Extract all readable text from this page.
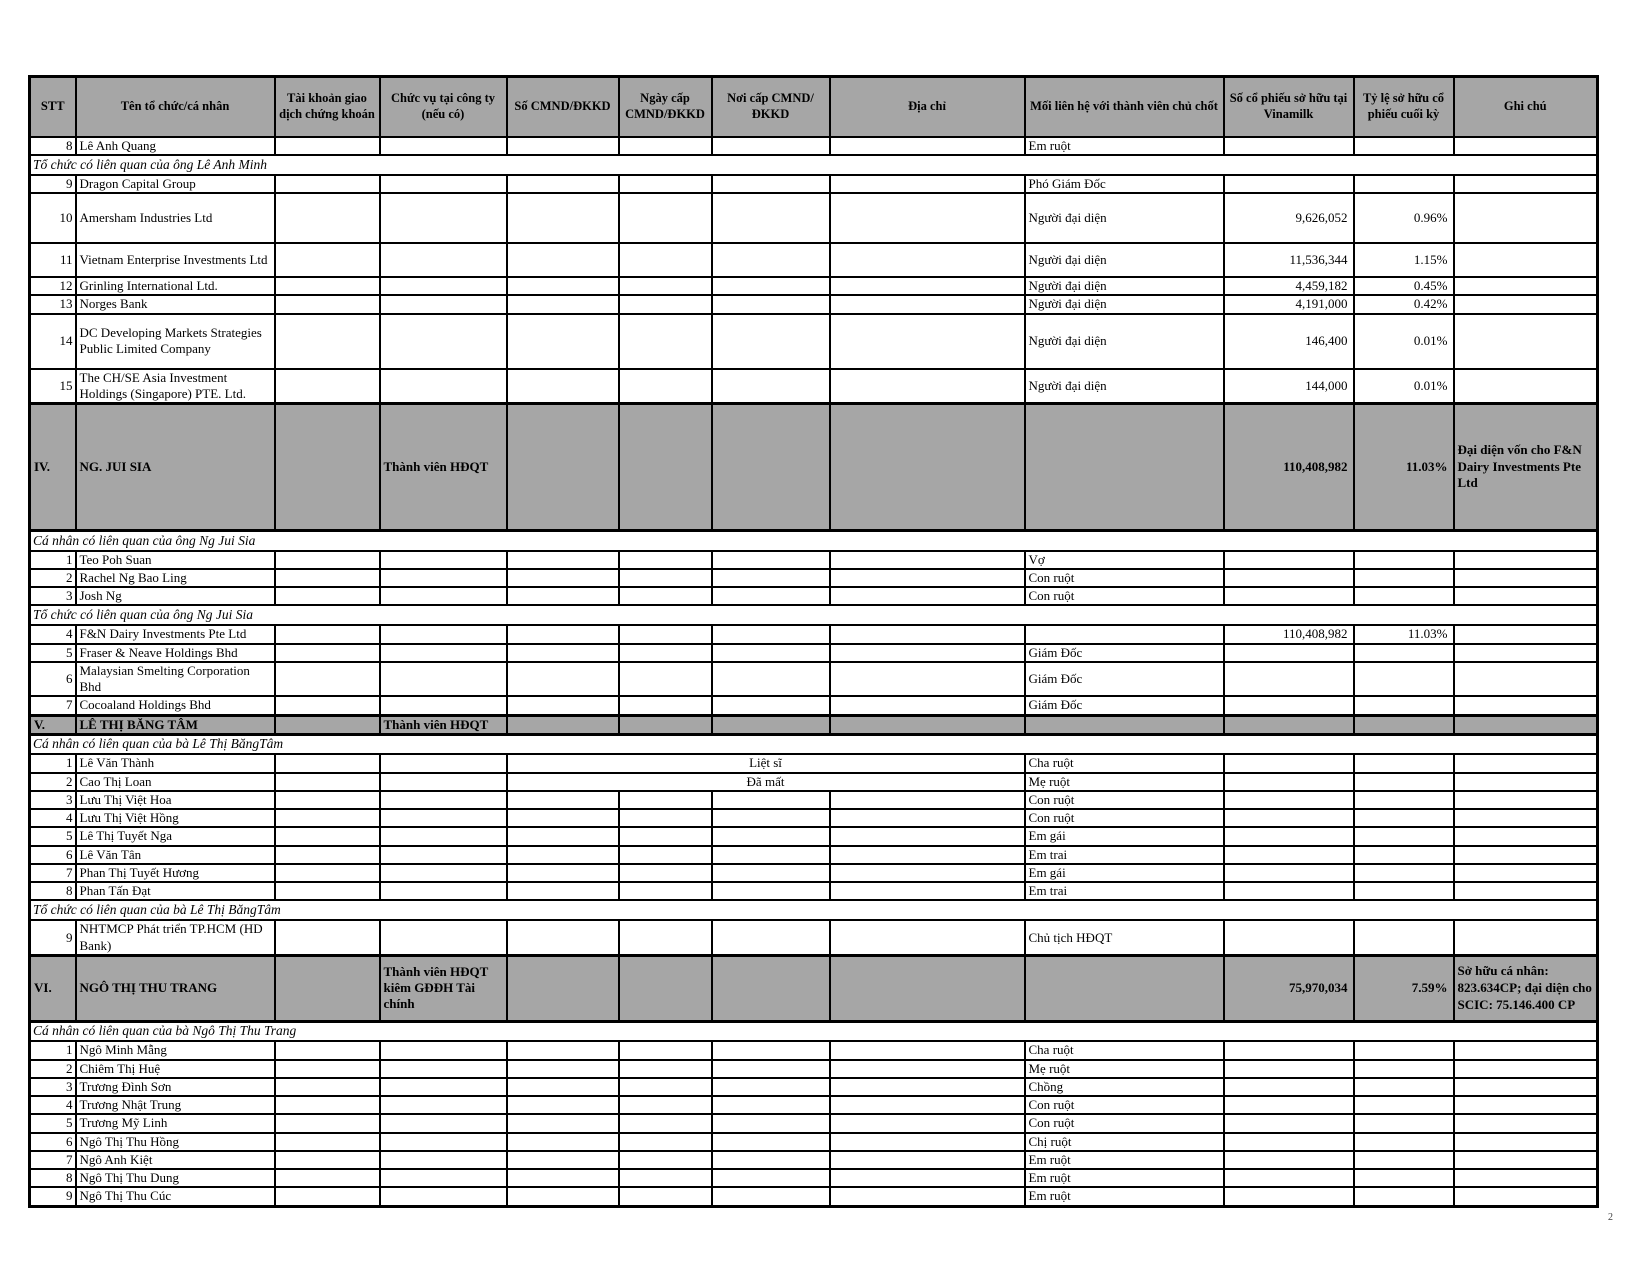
STT	Tên tổ chức/cá nhân	Tài khoản giao dịch chứng khoán	Chức vụ tại công ty (nếu có)	Số CMND/ĐKKD	Ngày cấp CMND/ĐKKD	Nơi cấp CMND/ĐKKD	Địa chỉ	Mối liên hệ với thành viên chủ chốt	Số cổ phiếu sở hữu tại Vinamilk	Tỷ lệ sở hữu cổ phiếu cuối kỳ	Ghi chú
8	Lê Anh Quang							Em ruột			
Tổ chức có liên quan của ông Lê Anh Minh											
9	Dragon Capital Group							Phó Giám Đốc			
10	Amersham Industries Ltd							Người đại diện	9,626,052	0.96%	
11	Vietnam Enterprise Investments Ltd							Người đại diện	11,536,344	1.15%	
12	Grinling International Ltd.							Người đại diện	4,459,182	0.45%	
13	Norges Bank							Người đại diện	4,191,000	0.42%	
14	DC Developing Markets Strategies Public Limited Company							Người đại diện	146,400	0.01%	
15	The CH/SE Asia Investment Holdings (Singapore) PTE. Ltd.							Người đại diện	144,000	0.01%	
IV.	NG. JUI SIA		Thành viên HĐQT						110,408,982	11.03%	Đại diện vốn cho F&N Dairy Investments Pte Ltd
Cá nhân có liên quan của ông Ng Jui Sia											
1	Teo Poh Suan							Vợ			
2	Rachel Ng Bao Ling							Con ruột			
3	Josh Ng							Con ruột			
Tổ chức có liên quan của ông Ng Jui Sia											
4	F&N Dairy Investments Pte Ltd								110,408,982	11.03%	
5	Fraser & Neave Holdings Bhd							Giám Đốc			
6	Malaysian Smelting Corporation Bhd							Giám Đốc			
7	Cocoaland Holdings Bhd							Giám Đốc			
V.	LÊ THỊ BĂNG TÂM		Thành viên HĐQT								
Cá nhân có liên quan của bà Lê Thị BăngTâm											
1	Lê Văn Thành			Liệt sĩ				Cha ruột			
2	Cao Thị Loan			Đã mất				Mẹ ruột			
3	Lưu Thị Việt Hoa							Con ruột			
4	Lưu Thị Việt Hồng							Con ruột			
5	Lê Thị Tuyết Nga							Em gái			
6	Lê Văn Tân							Em trai			
7	Phan Thị Tuyết Hương							Em gái			
8	Phan Tấn Đạt							Em trai			
Tổ chức có liên quan của bà Lê Thị BăngTâm											
9	NHTMCP Phát triển TP.HCM (HD Bank)							Chủ tịch HĐQT			
VI.	NGÔ THỊ THU TRANG		Thành viên HĐQT kiêm GĐĐH Tài chính						75,970,034	7.59%	Sở hữu cá nhân: 823.634CP; đại diện cho SCIC: 75.146.400 CP
Cá nhân có liên quan của bà Ngô Thị Thu Trang											
1	Ngô Minh Mẫng							Cha ruột			
2	Chiêm Thị Huệ							Mẹ ruột			
3	Trương Đình Sơn							Chồng			
4	Trương Nhật Trung							Con ruột			
5	Trương Mỹ Linh							Con ruột			
6	Ngô Thị Thu Hồng							Chị ruột			
7	Ngô Anh Kiệt							Em ruột			
8	Ngô Thị Thu Dung							Em ruột			
9	Ngô Thị Thu Cúc							Em ruột			
2
